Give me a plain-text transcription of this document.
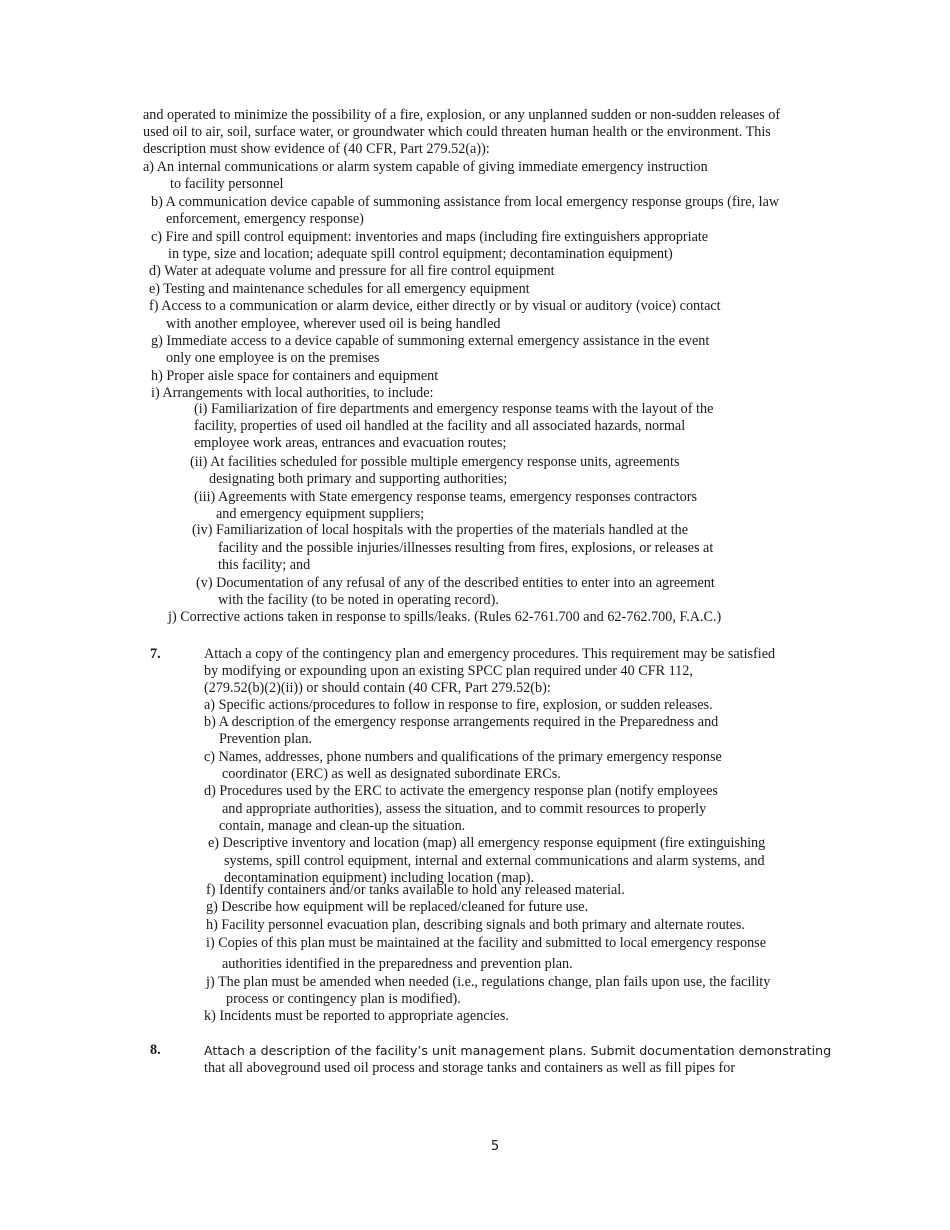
and operated to minimize the possibility of a fire, explosion, or any unplanned sudden or non-sudden releases of
used oil to air, soil, surface water, or groundwater which could threaten human health or the environment. This
description must show evidence of (40 CFR, Part 279.52(a)):
a) An internal communications or alarm system capable of giving immediate emergency instruction
to facility personnel
b) A communication device capable of summoning assistance from local emergency response groups (fire, law
enforcement, emergency response)
c) Fire and spill control equipment: inventories and maps (including fire extinguishers appropriate
in type, size and location; adequate spill control equipment; decontamination equipment)
d) Water at adequate volume and pressure for all fire control equipment
e) Testing and maintenance schedules for all emergency equipment
f) Access to a communication or alarm device, either directly or by visual or auditory (voice) contact
with another employee, wherever used oil is being handled
g) Immediate access to a device capable of summoning external emergency assistance in the event
only one employee is on the premises
h) Proper aisle space for containers and equipment
i) Arrangements with local authorities, to include:
(i) Familiarization of fire departments and emergency response teams with the layout of the
facility, properties of used oil handled at the facility and all associated hazards, normal
employee work areas, entrances and evacuation routes;
(ii) At facilities scheduled for possible multiple emergency response units, agreements
designating both primary and supporting authorities;
(iii) Agreements with State emergency response teams, emergency responses contractors
and emergency equipment suppliers;
(iv) Familiarization of local hospitals with the properties of the materials handled at the
facility and the possible injuries/illnesses resulting from fires, explosions, or releases at
this facility; and
(v) Documentation of any refusal of any of the described entities to enter into an agreement
with the facility (to be noted in operating record).
j) Corrective actions taken in response to spills/leaks. (Rules 62-761.700 and 62-762.700, F.A.C.)
7.	Attach a copy of the contingency plan and emergency procedures. This requirement may be satisfied
by modifying or expounding upon an existing SPCC plan required under 40 CFR 112,
(279.52(b)(2)(ii)) or should contain (40 CFR, Part 279.52(b):
a) Specific actions/procedures to follow in response to fire, explosion, or sudden releases.
b) A description of the emergency response arrangements required in the Preparedness and
Prevention plan.
c) Names, addresses, phone numbers and qualifications of the primary emergency response
coordinator (ERC) as well as designated subordinate ERCs.
d) Procedures used by the ERC to activate the emergency response plan (notify employees
and appropriate authorities), assess the situation, and to commit resources to properly
contain, manage and clean-up the situation.
e) Descriptive inventory and location (map) all emergency response equipment (fire extinguishing
systems, spill control equipment, internal and external communications and alarm systems, and
decontamination equipment) including location (map).
f) Identify containers and/or tanks available to hold any released material.
g) Describe how equipment will be replaced/cleaned for future use.
h) Facility personnel evacuation plan, describing signals and both primary and alternate routes.
i) Copies of this plan must be maintained at the facility and submitted to local emergency response
authorities identified in the preparedness and prevention plan.
j) The plan must be amended when needed (i.e., regulations change, plan fails upon use, the facility
process or contingency plan is modified).
k) Incidents must be reported to appropriate agencies.
8.	Attach a description of the facility’s unit management plans. Submit documentation demonstrating
that all aboveground used oil process and storage tanks and containers as well as fill pipes for
5
